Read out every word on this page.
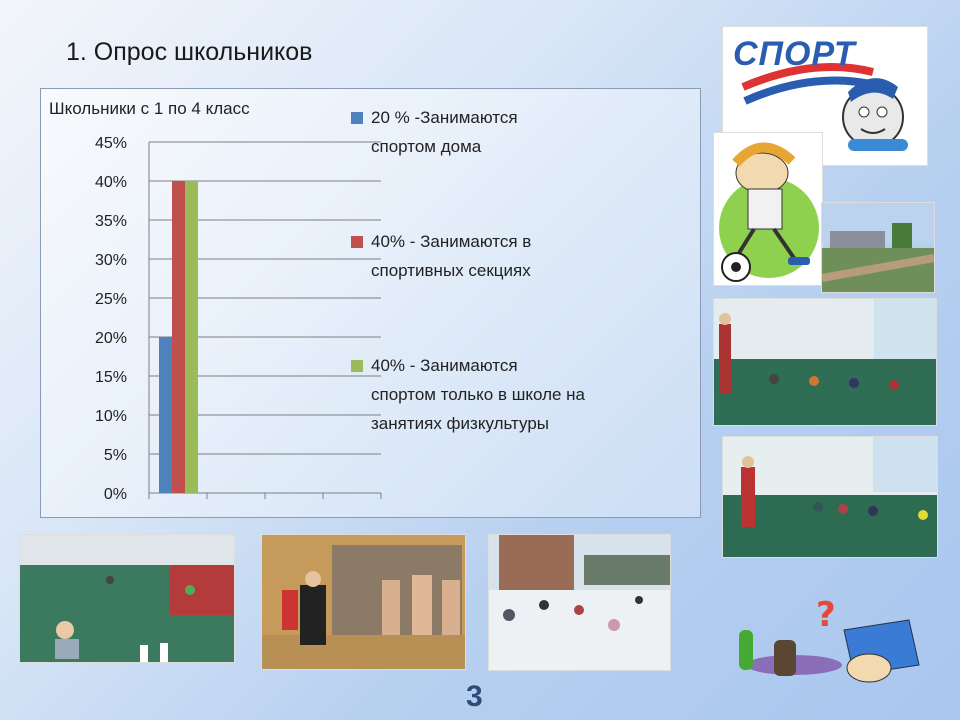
1. Опрос школьников
Школьники с 1 по 4 класс
0%
5%
10%
15%
20%
25%
30%
35%
40%
45%
20 % -Занимаются спортом дома
40% - Занимаются в спортивных секциях
40% - Занимаются спортом только в школе на занятиях физкультуры
СПОРТ
?
3
